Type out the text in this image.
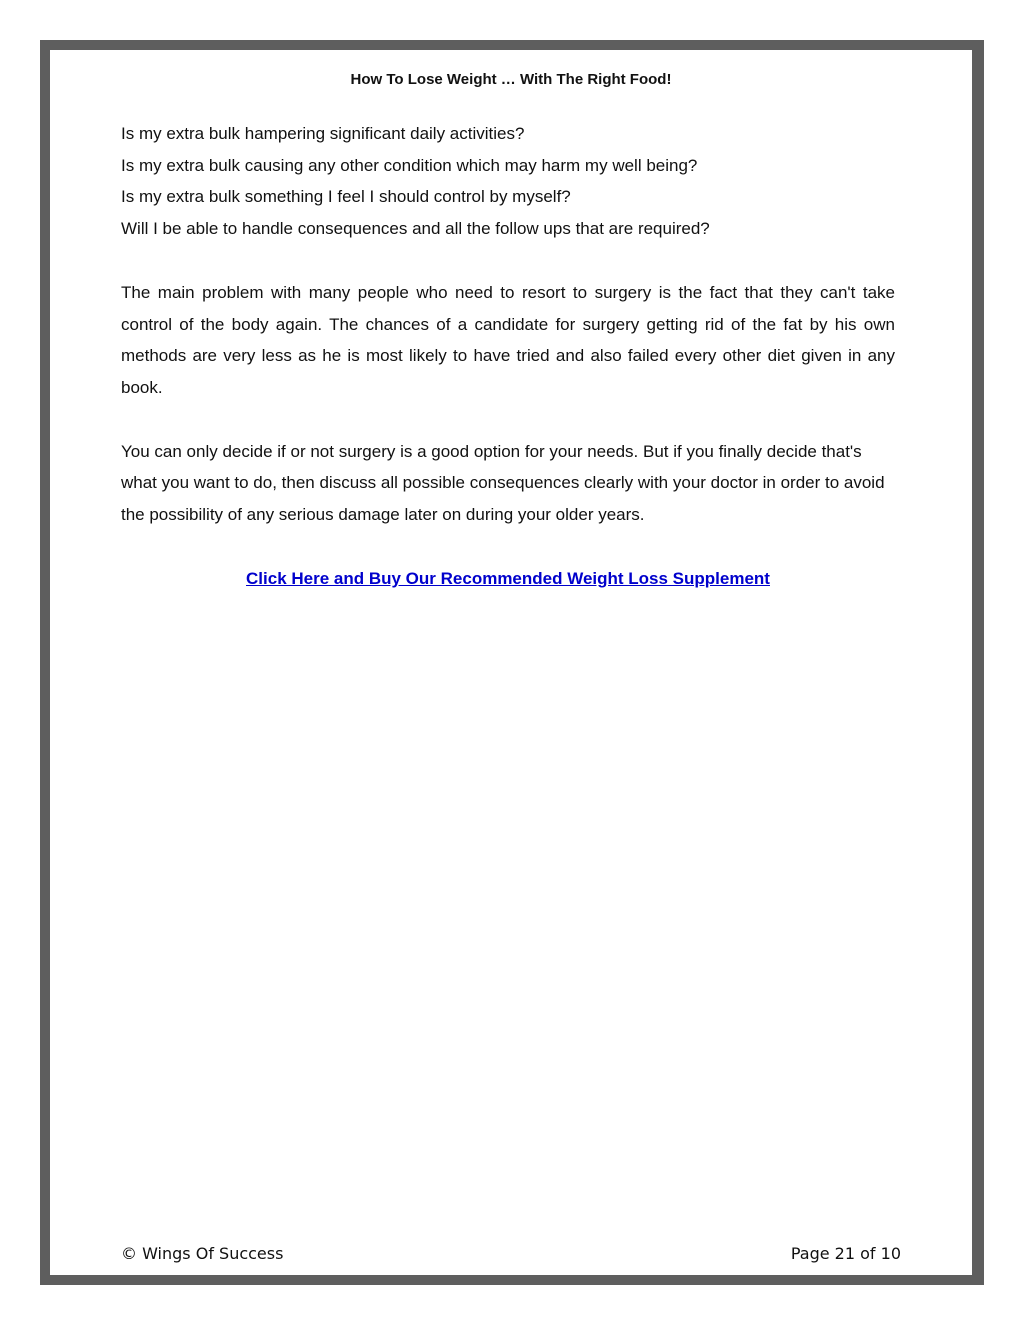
How To Lose Weight … With The Right Food!
Is my extra bulk hampering significant daily activities?
Is my extra bulk causing any other condition which may harm my well being?
Is my extra bulk something I feel I should control by myself?
Will I be able to handle consequences and all the follow ups that are required?

The main problem with many people who need to resort to surgery is the fact that they can't take control of the body again. The chances of a candidate for surgery getting rid of the fat by his own methods are very less as he is most likely to have tried and also failed every other diet given in any book.

You can only decide if or not surgery is a good option for your needs. But if you finally decide that's what you want to do, then discuss all possible consequences clearly with your doctor in order to avoid the possibility of any serious damage later on during your older years.

Click Here and Buy Our Recommended Weight Loss Supplement

© Wings Of Success	Page 21 of 10
